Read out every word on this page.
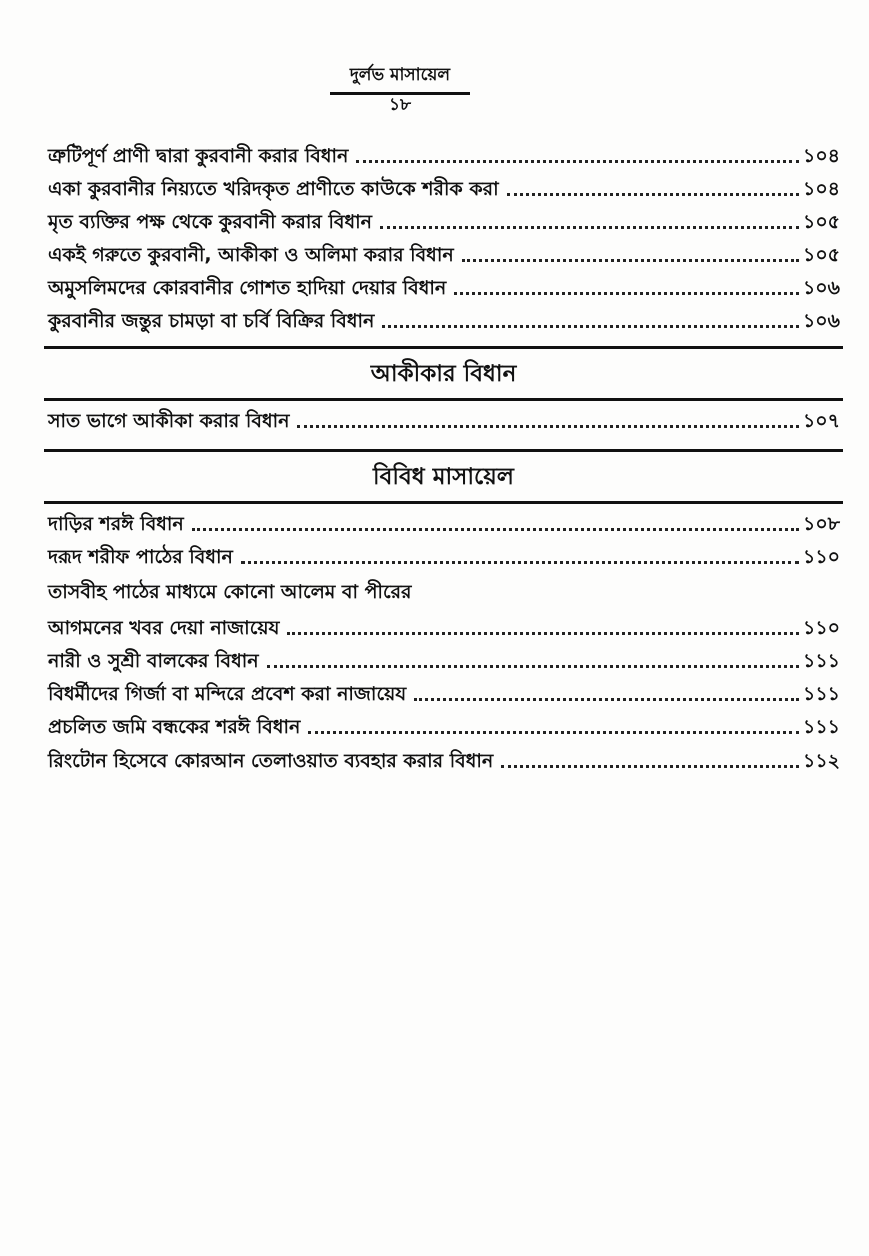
দুর্লভ মাসায়েল
১৮
ত্রুটিপূর্ণ প্রাণী দ্বারা কুরবানী করার বিধান	১০৪
একা কুরবানীর নিয়্যতে খরিদকৃত প্রাণীতে কাউকে শরীক করা	১০৪
মৃত ব্যক্তির পক্ষ থেকে কুরবানী করার বিধান	১০৫
একই গরুতে কুরবানী, আকীকা ও অলিমা করার বিধান	১০৫
অমুসলিমদের কোরবানীর গোশত হাদিয়া দেয়ার বিধান	১০৬
কুরবানীর জন্তুর চামড়া বা চর্বি বিক্রির বিধান	১০৬
আকীকার বিধান
সাত ভাগে আকীকা করার বিধান	১০৭
বিবিধ মাসায়েল
দাড়ির শরঈ বিধান	১০৮
দরূদ শরীফ পাঠের বিধান	১১০
তাসবীহ পাঠের মাধ্যমে কোনো আলেম বা পীরের
আগমনের খবর দেয়া নাজায়েয	১১০
নারী ও সুশ্রী বালকের বিধান	১১১
বিধর্মীদের গির্জা বা মন্দিরে প্রবেশ করা নাজায়েয	১১১
প্রচলিত জমি বন্ধকের শরঈ বিধান	১১১
রিংটোন হিসেবে কোরআন তেলাওয়াত ব্যবহার করার বিধান	১১২
